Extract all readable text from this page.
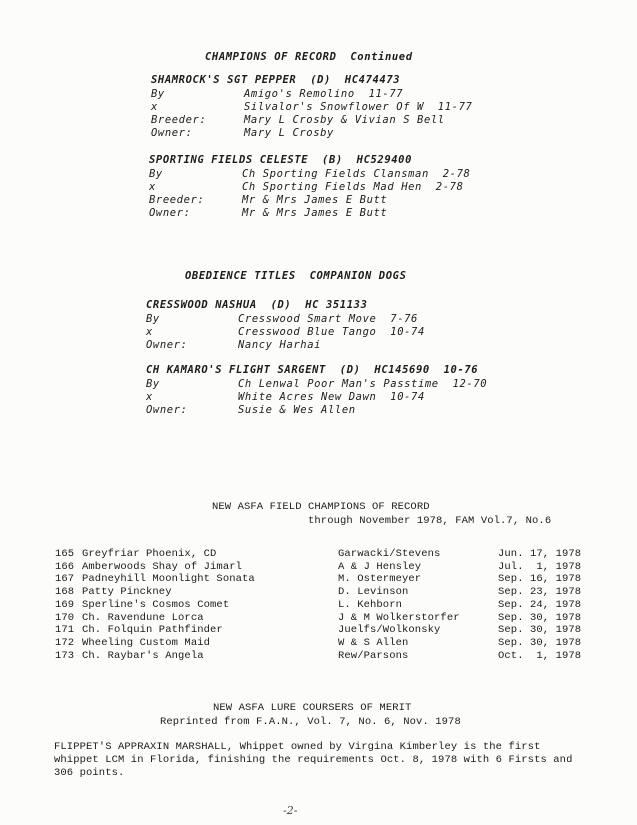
CHAMPIONS OF RECORD  Continued
SHAMROCK'S SGT PEPPER  (D)  HC474473
By	Amigo's Remolino  11-77
x	Silvalor's Snowflower Of W  11-77
Breeder:	Mary L Crosby & Vivian S Bell
Owner:	Mary L Crosby
SPORTING FIELDS CELESTE  (B)  HC529400
By	Ch Sporting Fields Clansman  2-78
x	Ch Sporting Fields Mad Hen  2-78
Breeder:	Mr & Mrs James E Butt
Owner:	Mr & Mrs James E Butt
OBEDIENCE TITLES  COMPANION DOGS
CRESSWOOD NASHUA  (D)  HC 351133
By	Cresswood Smart Move  7-76
x	Cresswood Blue Tango  10-74
Owner:	Nancy Harhai
CH KAMARO'S FLIGHT SARGENT  (D)  HC145690  10-76
By	Ch Lenwal Poor Man's Passtime  12-70
x	White Acres New Dawn  10-74
Owner:	Susie & Wes Allen
NEW ASFA FIELD CHAMPIONS OF RECORD
through November 1978, FAM Vol.7, No.6
165 Greyfriar Phoenix, CD	Garwacki/Stevens	Jun. 17, 1978
166 Amberwoods Shay of Jimarl	A & J Hensley	Jul.  1, 1978
167 Padneyhill Moonlight Sonata	M. Ostermeyer	Sep. 16, 1978
168 Patty Pinckney	D. Levinson	Sep. 23, 1978
169 Sperline's Cosmos Comet	L. Kehborn	Sep. 24, 1978
170 Ch. Ravendune Lorca	J & M Wolkerstorfer	Sep. 30, 1978
171 Ch. Folquin Pathfinder	Juelfs/Wolkonsky	Sep. 30, 1978
172 Wheeling Custom Maid	W & S Allen	Sep. 30, 1978
173 Ch. Raybar's Angela	Rew/Parsons	Oct.  1, 1978
NEW ASFA LURE COURSERS OF MERIT
Reprinted from F.A.N., Vol. 7, No. 6, Nov. 1978
FLIPPET'S APPRAXIN MARSHALL, Whippet owned by Virgina Kimberley is the first
whippet LCM in Florida, finishing the requirements Oct. 8, 1978 with 6 Firsts and
306 points.
-2-
